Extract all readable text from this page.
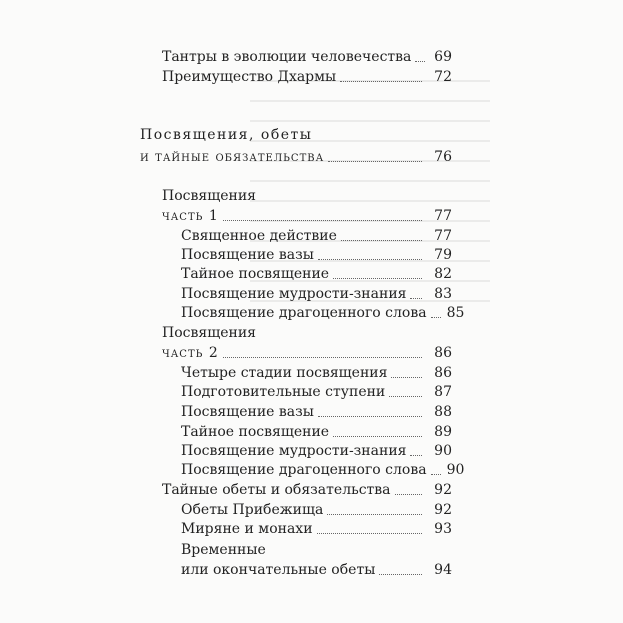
Тантры в эволюции человечества	69
Преимущество Дхармы	72
Посвящения, обеты
и тайные обязательства	76
Посвящения
часть 1	77
Священное действие	77
Посвящение вазы	79
Тайное посвящение	82
Посвящение мудрости-знания	83
Посвящение драгоценного слова	85
Посвящения
часть 2	86
Четыре стадии посвящения	86
Подготовительные ступени	87
Посвящение вазы	88
Тайное посвящение	89
Посвящение мудрости-знания	90
Посвящение драгоценного слова	90
Тайные обеты и обязательства	92
Обеты Прибежища	92
Миряне и монахи	93
Временные
или окончательные обеты	94
